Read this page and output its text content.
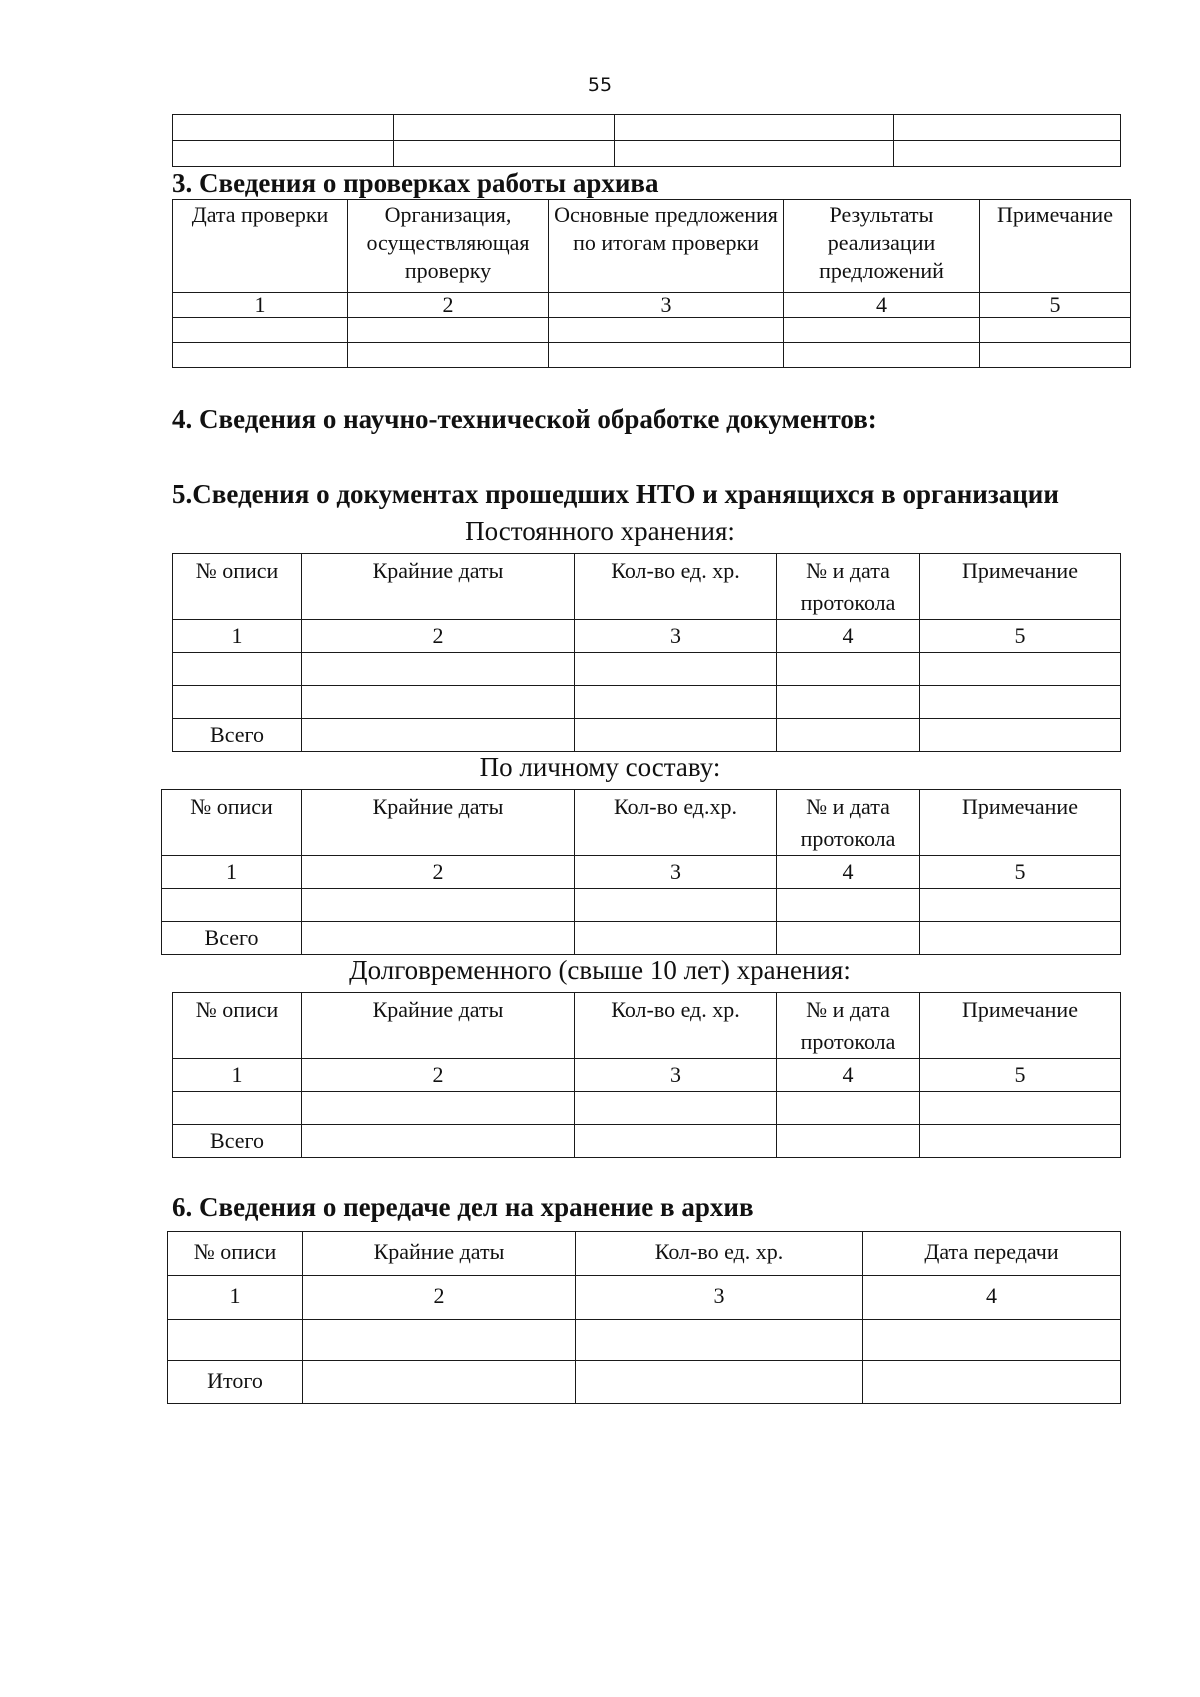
55

3. Сведения о проверках работы архива
Дата проверки	Организация, осуществляющая проверку	Основные предложения по итогам проверки	Результаты реализации предложений	Примечание
1	2	3	4	5

4. Сведения о научно-технической обработке документов:
5.Сведения о документах прошедших НТО и хранящихся в организации
Постоянного хранения:
№ описи	Крайние даты	Кол-во ед. хр.	№ и дата протокола	Примечание
1	2	3	4	5

Всего				
По личному составу:
№ описи	Крайние даты	Кол-во ед.хр.	№ и дата протокола	Примечание
1	2	3	4	5

Всего				
Долговременного (свыше 10 лет) хранения:
№ описи	Крайние даты	Кол-во ед. хр.	№ и дата протокола	Примечание
1	2	3	4	5

Всего				
6. Сведения о передаче дел на хранение в архив
№ описи	Крайние даты	Кол-во ед. хр.	Дата передачи
1	2	3	4

Итого			
